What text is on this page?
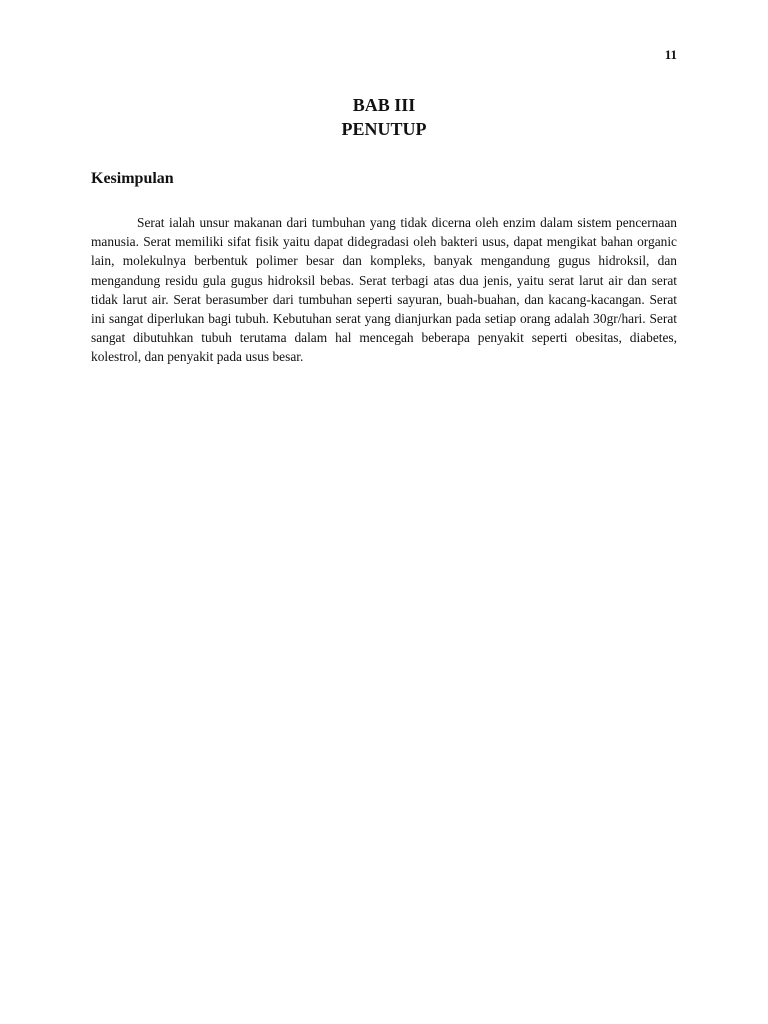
11
BAB III
PENUTUP
Kesimpulan

Serat ialah unsur makanan dari tumbuhan yang tidak dicerna oleh enzim dalam sistem pencernaan manusia. Serat memiliki sifat fisik yaitu dapat didegradasi oleh bakteri usus, dapat mengikat bahan organic lain, molekulnya berbentuk polimer besar dan kompleks, banyak mengandung gugus hidroksil, dan mengandung residu gula gugus hidroksil bebas. Serat terbagi atas dua jenis, yaitu serat larut air dan serat tidak larut air. Serat berasumber dari tumbuhan seperti sayuran, buah-buahan, dan kacang-kacangan. Serat ini sangat diperlukan bagi tubuh. Kebutuhan serat yang dianjurkan pada setiap orang adalah 30gr/hari. Serat sangat dibutuhkan tubuh terutama dalam hal mencegah beberapa penyakit seperti obesitas, diabetes, kolestrol, dan penyakit pada usus besar.
